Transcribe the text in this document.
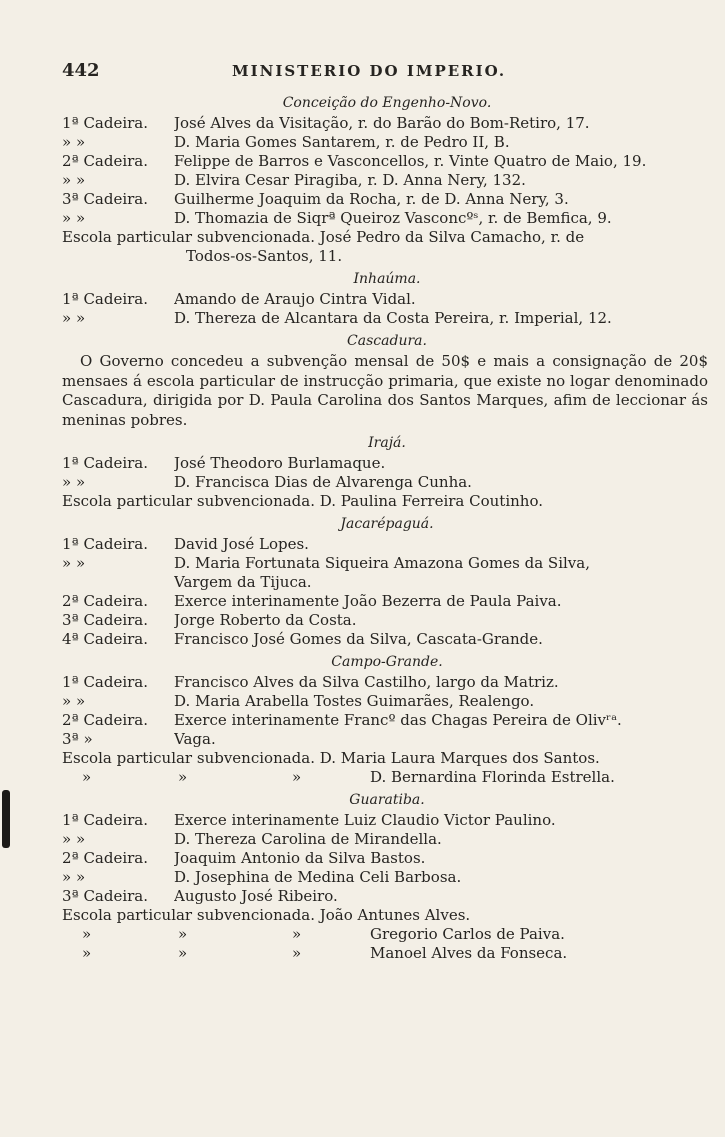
442	MINISTERIO DO IMPERIO.
Conceição do Engenho-Novo.
1ª Cadeira.	José Alves da Visitação, r. do Barão do Bom-Retiro, 17.
» »	D. Maria Gomes Santarem, r. de Pedro II, B.
2ª Cadeira.	Felippe de Barros e Vasconcellos, r. Vinte Quatro de Maio, 19.
» »	D. Elvira Cesar Piragiba, r. D. Anna Nery, 132.
3ª Cadeira.	Guilherme Joaquim da Rocha, r. de D. Anna Nery, 3.
» »	D. Thomazia de Siqrª Queiroz Vasconcºˢ, r. de Bemfica, 9.
Escola particular subvencionada. José Pedro da Silva Camacho, r. de
Todos-os-Santos, 11.
Inhaúma.
1ª Cadeira.	Amando de Araujo Cintra Vidal.
» »	D. Thereza de Alcantara da Costa Pereira, r. Imperial, 12.
Cascadura.
O Governo concedeu a subvenção mensal de 50$ e mais a consignação de 20$ mensaes á escola particular de instrucção primaria, que existe no logar denominado Cascadura, dirigida por D. Paula Carolina dos Santos Marques, afim de leccionar ás meninas pobres.
Irajá.
1ª Cadeira.	José Theodoro Burlamaque.
» »	D. Francisca Dias de Alvarenga Cunha.
Escola particular subvencionada. D. Paulina Ferreira Coutinho.
Jacarépaguá.
1ª Cadeira.	David José Lopes.
» »	D. Maria Fortunata Siqueira Amazona Gomes da Silva,
Vargem da Tijuca.
2ª Cadeira.	Exerce interinamente João Bezerra de Paula Paiva.
3ª Cadeira.	Jorge Roberto da Costa.
4ª Cadeira.	Francisco José Gomes da Silva, Cascata-Grande.
Campo-Grande.
1ª Cadeira.	Francisco Alves da Silva Castilho, largo da Matriz.
» »	D. Maria Arabella Tostes Guimarães, Realengo.
2ª Cadeira.	Exerce interinamente Francº das Chagas Pereira de Olivʳᵃ.
3ª »	Vaga.
Escola particular subvencionada. D. Maria Laura Marques dos Santos.
»	»	»	D. Bernardina Florinda Estrella.
Guaratiba.
1ª Cadeira.	Exerce interinamente Luiz Claudio Victor Paulino.
» »	D. Thereza Carolina de Mirandella.
2ª Cadeira.	Joaquim Antonio da Silva Bastos.
» »	D. Josephina de Medina Celi Barbosa.
3ª Cadeira.	Augusto José Ribeiro.
Escola particular subvencionada. João Antunes Alves.
»	»	»	Gregorio Carlos de Paiva.
»	»	»	Manoel Alves da Fonseca.
